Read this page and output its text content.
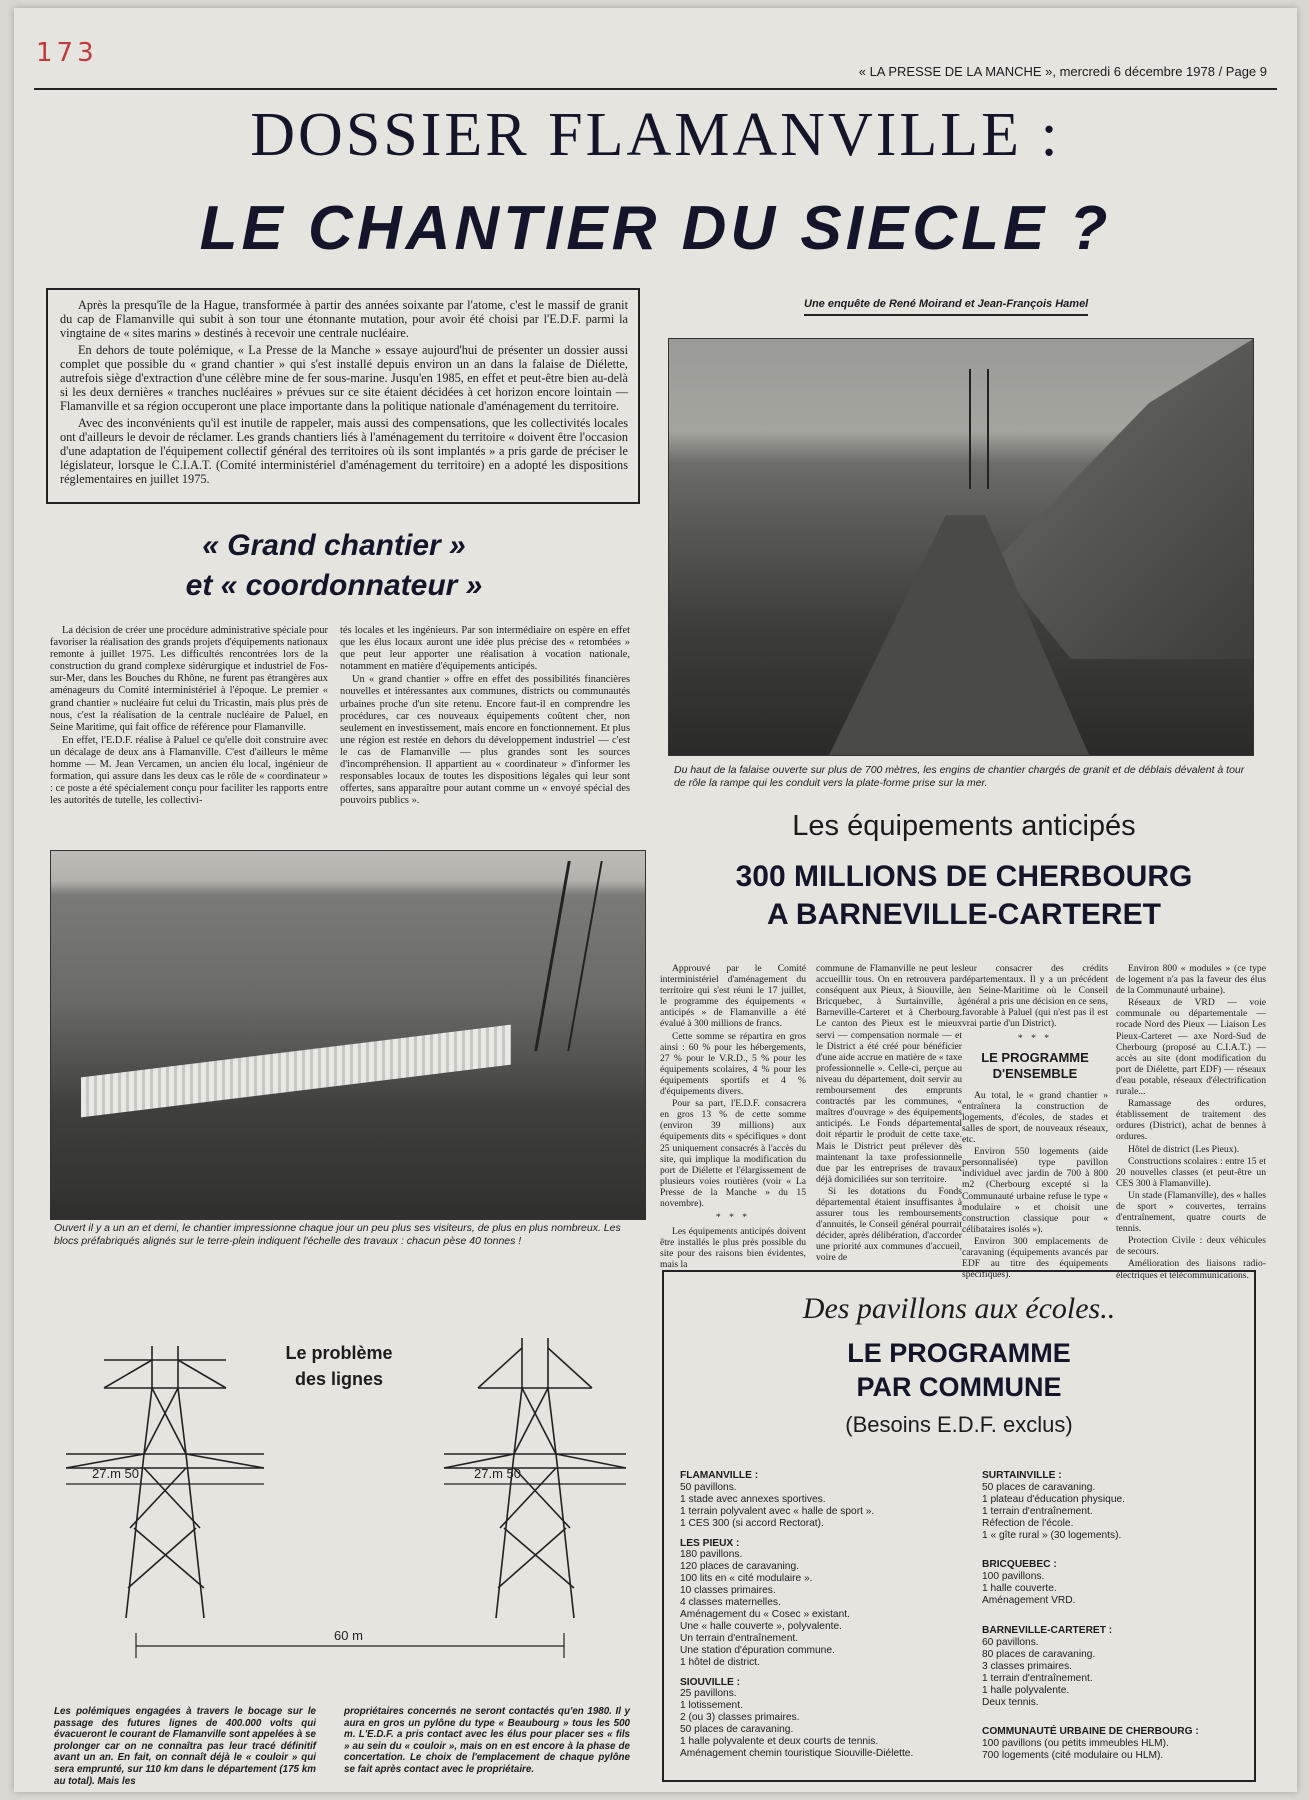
173
« LA PRESSE DE LA MANCHE », mercredi 6 décembre 1978 / Page 9
DOSSIER FLAMANVILLE :
LE CHANTIER DU SIECLE ?

Après la presqu'île de la Hague, transformée à partir des années soixante par l'atome, c'est le massif de granit du cap de Flamanville qui subit à son tour une étonnante mutation, pour avoir été choisi par l'E.D.F. parmi la vingtaine de « sites marins » destinés à recevoir une centrale nucléaire.

En dehors de toute polémique, « La Presse de la Manche » essaye aujourd'hui de présenter un dossier aussi complet que possible du « grand chantier » qui s'est installé depuis environ un an dans la falaise de Diélette, autrefois siège d'extraction d'une célèbre mine de fer sous-marine. Jusqu'en 1985, en effet et peut-être bien au-delà si les deux dernières « tranches nucléaires » prévues sur ce site étaient décidées à cet horizon encore lointain — Flamanville et sa région occuperont une place importante dans la politique nationale d'aménagement du territoire.

Avec des inconvénients qu'il est inutile de rappeler, mais aussi des compensations, que les collectivités locales ont d'ailleurs le devoir de réclamer. Les grands chantiers liés à l'aménagement du territoire « doivent être l'occasion d'une adaptation de l'équipement collectif général des territoires où ils sont implantés » a pris garde de préciser le législateur, lorsque le C.I.A.T. (Comité interministériel d'aménagement du territoire) en a adopté les dispositions réglementaires en juillet 1975.

Une enquête de René Moirand et Jean-François Hamel
Du haut de la falaise ouverte sur plus de 700 mètres, les engins de chantier chargés de granit et de déblais dévalent à tour de rôle la rampe qui les conduit vers la plate-forme prise sur la mer.
« Grand chantier »
et « coordonnateur »

La décision de créer une procédure administrative spéciale pour favoriser la réalisation des grands projets d'équipements nationaux remonte à juillet 1975. Les difficultés rencontrées lors de la construction du grand complexe sidérurgique et industriel de Fos-sur-Mer, dans les Bouches du Rhône, ne furent pas étrangères aux aménageurs du Comité interministériel à l'époque. Le premier « grand chantier » nucléaire fut celui du Tricastin, mais plus près de nous, c'est la réalisation de la centrale nucléaire de Paluel, en Seine Maritime, qui fait office de référence pour Flamanville.

En effet, l'E.D.F. réalise à Paluel ce qu'elle doit construire avec un décalage de deux ans à Flamanville. C'est d'ailleurs le même homme — M. Jean Vercamen, un ancien élu local, ingénieur de formation, qui assure dans les deux cas le rôle de « coordinateur » : ce poste a été spécialement conçu pour faciliter les rapports entre les autorités de tutelle, les collectivi-

tés locales et les ingénieurs. Par son intermédiaire on espère en effet que les élus locaux auront une idée plus précise des « retombées » que peut leur apporter une réalisation à vocation nationale, notamment en matière d'équipements anticipés.

Un « grand chantier » offre en effet des possibilités financières nouvelles et intéressantes aux communes, districts ou communautés urbaines proche d'un site retenu. Encore faut-il en comprendre les procédures, car ces nouveaux équipements coûtent cher, non seulement en investissement, mais encore en fonctionnement. Et plus une région est restée en dehors du développement industriel — c'est le cas de Flamanville — plus grandes sont les sources d'incompréhension. Il appartient au « coordinateur » d'informer les responsables locaux de toutes les dispositions légales qui leur sont offertes, sans apparaître pour autant comme un « envoyé spécial des pouvoirs publics ».

Ouvert il y a un an et demi, le chantier impressionne chaque jour un peu plus ses visiteurs, de plus en plus nombreux. Les blocs préfabriqués alignés sur le terre-plein indiquent l'échelle des travaux : chacun pèse 40 tonnes !
Les équipements anticipés
300 MILLIONS DE CHERBOURG
A BARNEVILLE-CARTERET

Approuvé par le Comité interministériel d'aménagement du territoire qui s'est réuni le 17 juillet, le programme des équipements « anticipés » de Flamanville a été évalué à 300 millions de francs.

Cette somme se répartira en gros ainsi : 60 % pour les hébergements, 27 % pour le V.R.D., 5 % pour les équipements scolaires, 4 % pour les équipements sportifs et 4 % d'équipements divers.

Pour sa part, l'E.D.F. consacrera en gros 13 % de cette somme (environ 39 millions) aux équipements dits « spécifiques » dont 25 uniquement consacrés à l'accès du site, qui implique la modification du port de Diélette et l'élargissement de plusieurs voies routières (voir « La Presse de la Manche » du 15 novembre).

* * *

Les équipements anticipés doivent être installés le plus près possible du site pour des raisons bien évidentes, mais la

commune de Flamanville ne peut les accueillir tous. On en retrouvera par conséquent aux Pieux, à Siouville, à Bricquebec, à Surtainville, à Barneville-Carteret et à Cherbourg. Le canton des Pieux est le mieux servi — compensation normale — et le District a été créé pour bénéficier d'une aide accrue en matière de « taxe professionnelle ». Celle-ci, perçue au niveau du département, doit servir au remboursement des emprunts contractés par les communes, « maîtres d'ouvrage » des équipements anticipés. Le Fonds départemental doit répartir le produit de cette taxe. Mais le District peut prélever dès maintenant la taxe professionnelle due par les entreprises de travaux déjà domiciliées sur son territoire.

Si les dotations du Fonds départemental étaient insuffisantes à assurer tous les remboursements d'annuités, le Conseil général pourrait décider, après délibération, d'accorder une priorité aux communes d'accueil, voire de

leur consacrer des crédits départementaux. Il y a un précédent en Seine-Maritime où le Conseil général a pris une décision en ce sens, favorable à Paluel (qui n'est pas il est vrai partie d'un District).

* * *
LE PROGRAMME
D'ENSEMBLE

Au total, le « grand chantier » entraînera la construction de logements, d'écoles, de stades et salles de sport, de nouveaux réseaux, etc.

Environ 550 logements (aide personnalisée) type pavillon individuel avec jardin de 700 à 800 m2 (Cherbourg excepté si la Communauté urbaine refuse le type « modulaire » et choisit une construction classique pour « célibataires isolés »).

Environ 300 emplacements de caravaning (équipements avancés par EDF au titre des équipements spécifiques).

Environ 800 « modules » (ce type de logement n'a pas la faveur des élus de la Communauté urbaine).

Réseaux de VRD — voie communale ou départementale — rocade Nord des Pieux — Liaison Les Pieux-Carteret — axe Nord-Sud de Cherbourg (proposé au C.I.A.T.) — accès au site (dont modification du port de Diélette, part EDF) — réseaux d'eau potable, réseaux d'électrification rurale...

Ramassage des ordures, établissement de traitement des ordures (District), achat de bennes à ordures.

Hôtel de district (Les Pieux).

Constructions scolaires : entre 15 et 20 nouvelles classes (et peut-être un CES 300 à Flamanville).

Un stade (Flamanville), des « halles de sport » couvertes, terrains d'entraînement, quatre courts de tennis.

Protection Civile : deux véhicules de secours.

Amélioration des liaisons radio-électriques et télécommunications.

27.m 50	27.m 50
60 m
Le problème
des lignes
Les polémiques engagées à travers le bocage sur le passage des futures lignes de 400.000 volts qui évacueront le courant de Flamanville sont appelées à se prolonger car on ne connaîtra pas leur tracé définitif avant un an. En fait, on connaît déjà le « couloir » qui sera emprunté, sur 110 km dans le département (175 km au total). Mais les
propriétaires concernés ne seront contactés qu'en 1980. Il y aura en gros un pylône du type « Beaubourg » tous les 500 m. L'E.D.F. a pris contact avec les élus pour placer ses « fils » au sein du « couloir », mais on en est encore à la phase de concertation. Le choix de l'emplacement de chaque pylône se fait après contact avec le propriétaire.
Des pavillons aux écoles..
LE PROGRAMME
PAR COMMUNE
(Besoins E.D.F. exclus)
FLAMANVILLE :
50 pavillons.
1 stade avec annexes sportives.
1 terrain polyvalent avec « halle de sport ».
1 CES 300 (si accord Rectorat).
LES PIEUX :
180 pavillons.
120 places de caravaning.
100 lits en « cité modulaire ».
10 classes primaires.
4 classes maternelles.
Aménagement du « Cosec » existant.
Une « halle couverte », polyvalente.
Un terrain d'entraînement.
Une station d'épuration commune.
1 hôtel de district.
SIOUVILLE :
25 pavillons.
1 lotissement.
2 (ou 3) classes primaires.
50 places de caravaning.
1 halle polyvalente et deux courts de tennis.
Aménagement chemin touristique Siouville-Diélette.
SURTAINVILLE :
50 places de caravaning.
1 plateau d'éducation physique.
1 terrain d'entraînement.
Réfection de l'école.
1 « gîte rural » (30 logements).
BRICQUEBEC :
100 pavillons.
1 halle couverte.
Aménagement VRD.
BARNEVILLE-CARTERET :
60 pavillons.
80 places de caravaning.
3 classes primaires.
1 terrain d'entraînement.
1 halle polyvalente.
Deux tennis.
COMMUNAUTÉ URBAINE DE CHERBOURG :
100 pavillons (ou petits immeubles HLM).
700 logements (cité modulaire ou HLM).
